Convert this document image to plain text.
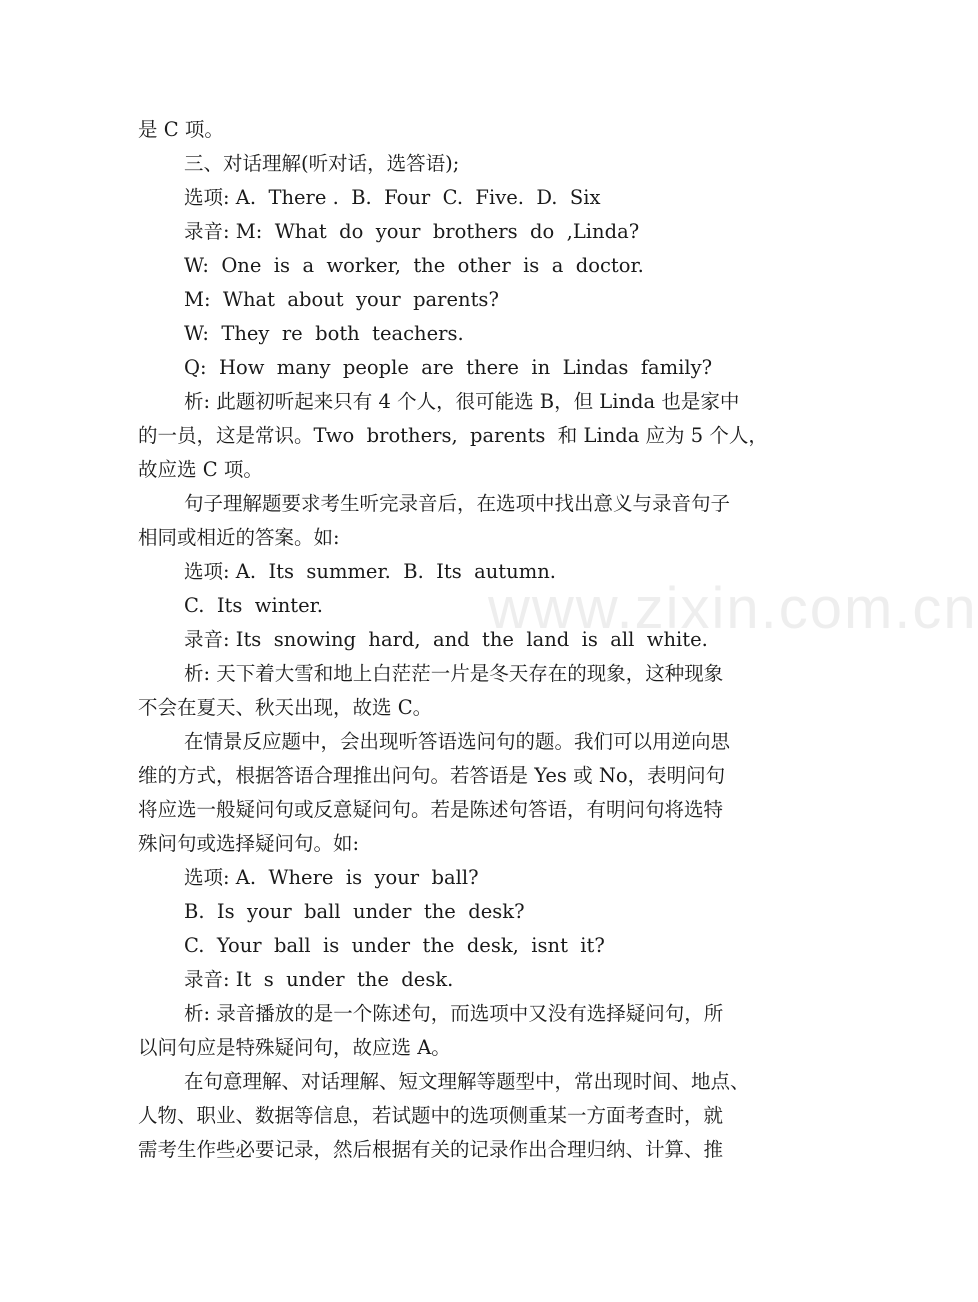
www.zixin.com.cn
是 C 项。
三、对话理解(听对话，选答语);
选项: A.  There .  B.  Four  C.  Five.  D.  Six
录音: M:  What  do  your  brothers  do  ,Linda?
W:  One  is  a  worker,  the  other  is  a  doctor.
M:  What  about  your  parents?
W:  They  re  both  teachers.
Q:  How  many  people  are  there  in  Lindas  family?
析: 此题初听起来只有 4 个人，很可能选 B，但 Linda 也是家中
的一员，这是常识。Two  brothers,  parents  和 Linda 应为 5 个人，
故应选 C 项。
句子理解题要求考生听完录音后，在选项中找出意义与录音句子
相同或相近的答案。如:
选项: A.  Its  summer.  B.  Its  autumn.
C.  Its  winter.
录音: Its  snowing  hard,  and  the  land  is  all  white.
析: 天下着大雪和地上白茫茫一片是冬天存在的现象，这种现象
不会在夏天、秋天出现，故选 C。
在情景反应题中，会出现听答语选问句的题。我们可以用逆向思
维的方式，根据答语合理推出问句。若答语是 Yes 或 No，表明问句
将应选一般疑问句或反意疑问句。若是陈述句答语，有明问句将选特
殊问句或选择疑问句。如:
选项: A.  Where  is  your  ball?
B.  Is  your  ball  under  the  desk?
C.  Your  ball  is  under  the  desk,  isnt  it?
录音: It  s  under  the  desk.
析: 录音播放的是一个陈述句，而选项中又没有选择疑问句，所
以问句应是特殊疑问句，故应选 A。
在句意理解、对话理解、短文理解等题型中，常出现时间、地点、
人物、职业、数据等信息，若试题中的选项侧重某一方面考查时，就
需考生作些必要记录，然后根据有关的记录作出合理归纳、计算、推
